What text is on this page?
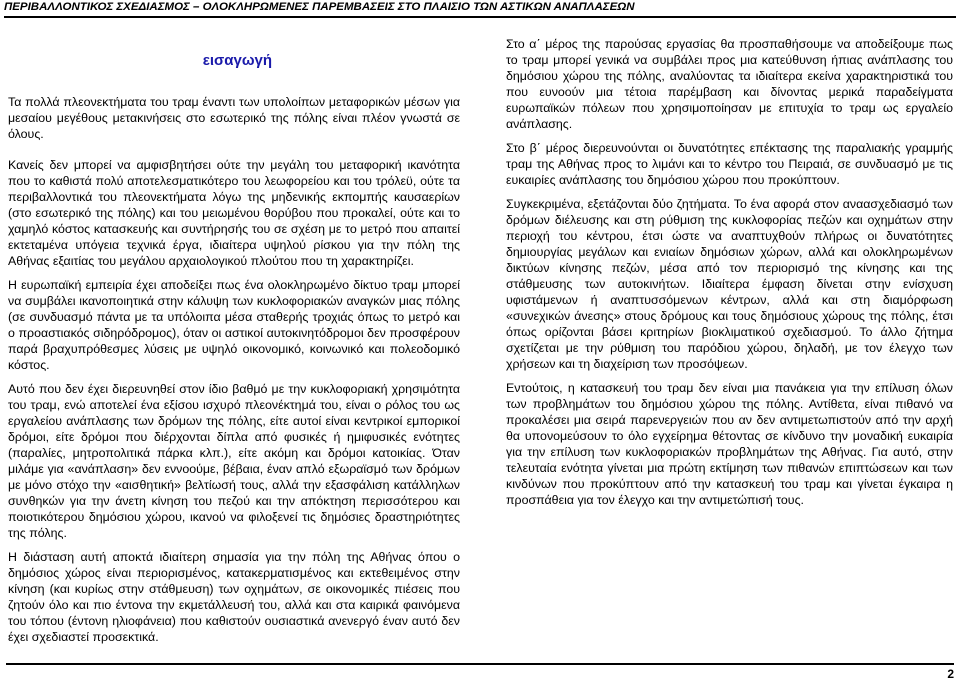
ΠΕΡΙΒΑΛΛΟΝΤΙΚΟΣ ΣΧΕΔΙΑΣΜΟΣ – ΟΛΟΚΛΗΡΩΜΕΝΕΣ ΠΑΡΕΜΒΑΣΕΙΣ ΣΤΟ ΠΛΑΙΣΙΟ ΤΩΝ ΑΣΤΙΚΩΝ ΑΝΑΠΛΑΣΕΩΝ
εισαγωγή

Τα πολλά πλεονεκτήματα του τραμ έναντι των υπολοίπων μεταφορικών μέσων για μεσαίου μεγέθους μετακινήσεις στο εσωτερικό της πόλης είναι πλέον γνωστά σε όλους.

Κανείς δεν μπορεί να αμφισβητήσει ούτε την μεγάλη του μεταφορική ικανότητα που το καθιστά πολύ αποτελεσματικότερο του λεωφορείου και του τρόλεϋ, ούτε τα περιβαλλοντικά του πλεονεκτήματα λόγω της μηδενικής εκπομπής καυσαερίων (στο εσωτερικό της πόλης) και του μειωμένου θορύβου που προκαλεί, ούτε και το χαμηλό κόστος κατασκευής και συντήρησής του σε σχέση με το μετρό που απαιτεί εκτεταμένα υπόγεια τεχνικά έργα, ιδιαίτερα υψηλού ρίσκου για την πόλη της Αθήνας εξαιτίας του μεγάλου αρχαιολογικού πλούτου που τη χαρακτηρίζει.

Η ευρωπαϊκή εμπειρία έχει αποδείξει πως ένα ολοκληρωμένο δίκτυο τραμ μπορεί να συμβάλει ικανοποιητικά στην κάλυψη των κυκλοφοριακών αναγκών μιας πόλης (σε συνδυασμό πάντα με τα υπόλοιπα μέσα σταθερής τροχιάς όπως το μετρό και ο προαστιακός σιδηρόδρομος), όταν οι αστικοί αυτοκινητόδρομοι δεν προσφέρουν παρά βραχυπρόθεσμες λύσεις με υψηλό οικονομικό, κοινωνικό και πολεοδομικό κόστος.

Αυτό που δεν έχει διερευνηθεί στον ίδιο βαθμό με την κυκλοφοριακή χρησιμότητα του τραμ, ενώ αποτελεί ένα εξίσου ισχυρό πλεονέκτημά του, είναι ο ρόλος του ως εργαλείου ανάπλασης των δρόμων της πόλης, είτε αυτοί είναι κεντρικοί εμπορικοί δρόμοι, είτε δρόμοι που διέρχονται δίπλα από φυσικές ή ημιφυσικές ενότητες (παραλίες, μητροπολιτικά πάρκα κλπ.), είτε ακόμη και δρόμοι κατοικίας. Όταν μιλάμε για «ανάπλαση» δεν εννοούμε, βέβαια, έναν απλό εξωραϊσμό των δρόμων με μόνο στόχο την «αισθητική» βελτίωσή τους, αλλά την εξασφάλιση κατάλληλων συνθηκών για την άνετη κίνηση του πεζού και την απόκτηση περισσότερου και ποιοτικότερου δημόσιου χώρου, ικανού να φιλοξενεί τις δημόσιες δραστηριότητες της πόλης.

Η διάσταση αυτή αποκτά ιδιαίτερη σημασία για την πόλη της Αθήνας όπου ο δημόσιος χώρος είναι περιορισμένος, κατακερματισμένος και εκτεθειμένος στην κίνηση (και κυρίως στην στάθμευση) των οχημάτων, σε οικονομικές πιέσεις που ζητούν όλο και πιο έντονα την εκμετάλλευσή του, αλλά και στα καιρικά φαινόμενα του τόπου (έντονη ηλιοφάνεια) που καθιστούν ουσιαστικά ανενεργό έναν αυτό δεν έχει σχεδιαστεί προσεκτικά.

Στο α΄ μέρος της παρούσας εργασίας θα προσπαθήσουμε να αποδείξουμε πως το τραμ μπορεί γενικά να συμβάλει προς μια κατεύθυνση ήπιας ανάπλασης του δημόσιου χώρου της πόλης, αναλύοντας τα ιδιαίτερα εκείνα χαρακτηριστικά του που ευνοούν μια τέτοια παρέμβαση και δίνοντας μερικά παραδείγματα ευρωπαϊκών πόλεων που χρησιμοποίησαν με επιτυχία το τραμ ως εργαλείο ανάπλασης.

Στο β΄ μέρος διερευνούνται οι δυνατότητες επέκτασης της παραλιακής γραμμής τραμ της Αθήνας προς το λιμάνι και το κέντρο του Πειραιά, σε συνδυασμό με τις ευκαιρίες ανάπλασης του δημόσιου χώρου που προκύπτουν.

Συγκεκριμένα, εξετάζονται δύο ζητήματα. Το ένα αφορά στον αναασχεδιασμό των δρόμων διέλευσης και στη ρύθμιση της κυκλοφορίας πεζών και οχημάτων στην περιοχή του κέντρου, έτσι ώστε να αναπτυχθούν πλήρως οι δυνατότητες δημιουργίας μεγάλων και ενιαίων δημόσιων χώρων, αλλά και ολοκληρωμένων δικτύων κίνησης πεζών, μέσα από τον περιορισμό της κίνησης και της στάθμευσης των αυτοκινήτων. Ιδιαίτερα έμφαση δίνεται στην ενίσχυση υφιστάμενων ή αναπτυσσόμενων κέντρων, αλλά και στη διαμόρφωση «συνεχικών άνεσης» στους δρόμους και τους δημόσιους χώρους της πόλης, έτσι όπως ορίζονται βάσει κριτηρίων βιοκλιματικού σχεδιασμού. Το άλλο ζήτημα σχετίζεται με την ρύθμιση του παρόδιου χώρου, δηλαδή, με τον έλεγχο των χρήσεων και τη διαχείριση των προσόψεων.

Εντούτοις, η κατασκευή του τραμ δεν είναι μια πανάκεια για την επίλυση όλων των προβλημάτων του δημόσιου χώρου της πόλης. Αντίθετα, είναι πιθανό να προκαλέσει μια σειρά παρενεργειών που αν δεν αντιμετωπιστούν από την αρχή θα υπονομεύσουν το όλο εγχείρημα θέτοντας σε κίνδυνο την μοναδική ευκαιρία για την επίλυση των κυκλοφοριακών προβλημάτων της Αθήνας. Για αυτό, στην τελευταία ενότητα γίνεται μια πρώτη εκτίμηση των πιθανών επιπτώσεων και των κινδύνων που προκύπτουν από την κατασκευή του τραμ και γίνεται έγκαιρα η προσπάθεια για τον έλεγχο και την αντιμετώπισή τους.

2
